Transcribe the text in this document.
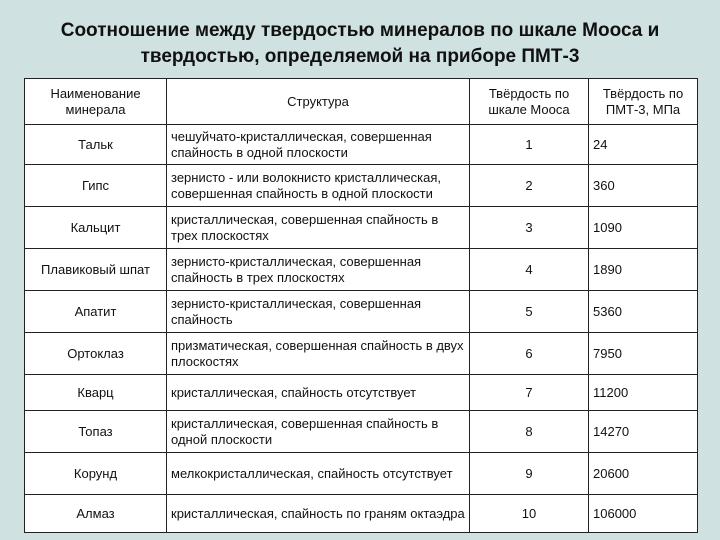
Соотношение между твердостью минералов по шкале Мооса и
твердостью, определяемой на приборе ПМТ-3
Наименование минерала	Структура	Твёрдость по шкале Мооса	Твёрдость по ПМТ-3, МПа
Тальк	чешуйчато-кристаллическая, совершенная спайность в одной плоскости	1	24
Гипс	зернисто - или волокнисто кристаллическая, совершенная спайность в одной плоскости	2	360
Кальцит	кристаллическая, совершенная спайность в трех плоскостях	3	1090
Плавиковый шпат	зернисто-кристаллическая, совершенная спайность в трех плоскостях	4	1890
Апатит	зернисто-кристаллическая, совершенная спайность	5	5360
Ортоклаз	призматическая, совершенная спайность в двух плоскостях	6	7950
Кварц	кристаллическая, спайность отсутствует	7	11200
Топаз	кристаллическая, совершенная спайность в одной плоскости	8	14270
Корунд	мелкокристаллическая, спайность отсутствует	9	20600
Алмаз	кристаллическая, спайность по граням октаэдра	10	106000
